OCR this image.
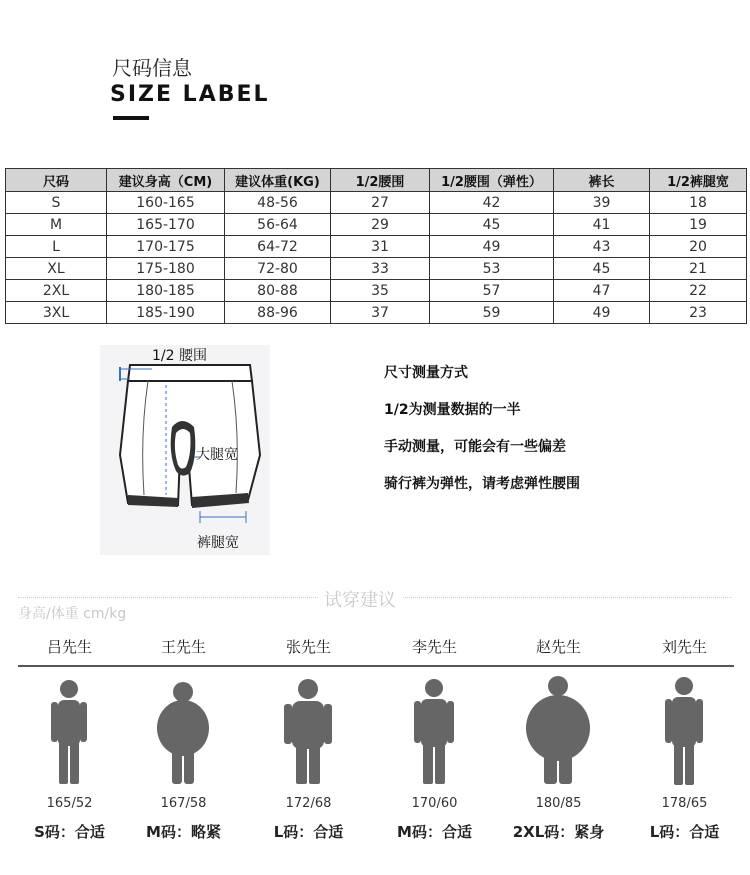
尺码信息
SIZE LABEL
尺码	建议身高（CM)	建议体重(KG)	1/2腰围	1/2腰围（弹性）	裤长	1/2裤腿宽
S	160-165	48-56	27	42	39	18
M	165-170	56-64	29	45	41	19
L	170-175	64-72	31	49	43	20
XL	175-180	72-80	33	53	45	21
2XL	180-185	80-88	35	57	47	22
3XL	185-190	88-96	37	59	49	23
1/2 腰围
大腿宽
裤腿宽
尺寸测量方式
1/2为测量数据的一半
手动测量，可能会有一些偏差
骑行裤为弹性，请考虑弹性腰围
试穿建议
身高/体重 cm/kg
吕先生
165/52
S码：合适
王先生
167/58
M码：略紧
张先生
172/68
L码：合适
李先生
170/60
M码：合适
赵先生
180/85
2XL码：紧身
刘先生
178/65
L码：合适
